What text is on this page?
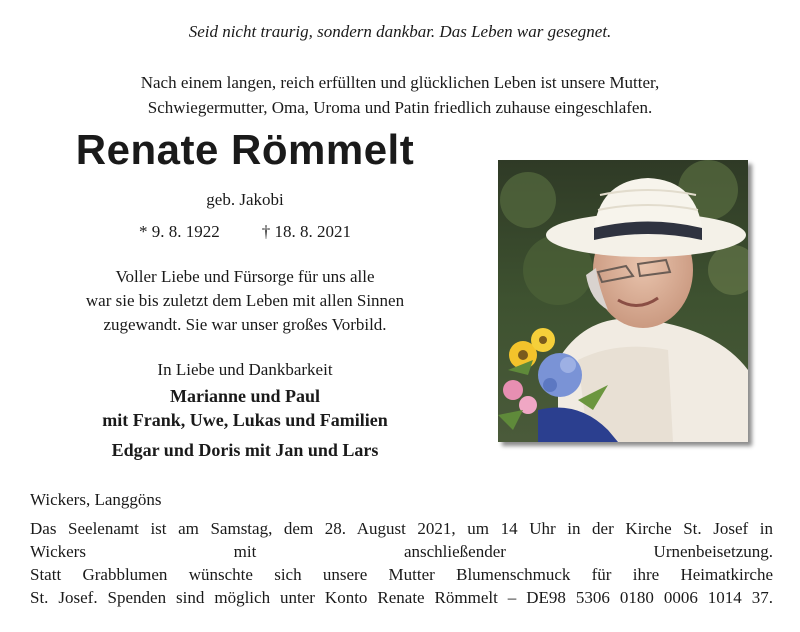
Seid nicht traurig, sondern dankbar. Das Leben war gesegnet.
Nach einem langen, reich erfüllten und glücklichen Leben ist unsere Mutter,
Schwiegermutter, Oma, Uroma und Patin friedlich zuhause eingeschlafen.
Renate Römmelt
geb. Jakobi
* 9. 8. 1922 † 18. 8. 2021
Voller Liebe und Fürsorge für uns alle
war sie bis zuletzt dem Leben mit allen Sinnen
zugewandt. Sie war unser großes Vorbild.
In Liebe und Dankbarkeit
Marianne und Paul
mit Frank, Uwe, Lukas und Familien
Edgar und Doris mit Jan und Lars
Wickers, Langgöns

Das Seelenamt ist am Samstag, dem 28. August 2021, um 14 Uhr in der Kirche St. Josef in

Wickers mit anschließender Urnenbeisetzung.

Statt Grabblumen wünschte sich unsere Mutter Blumenschmuck für ihre Heimatkirche

St. Josef. Spenden sind möglich unter Konto Renate Römmelt – DE98 5306 0180 0006 1014 37.
